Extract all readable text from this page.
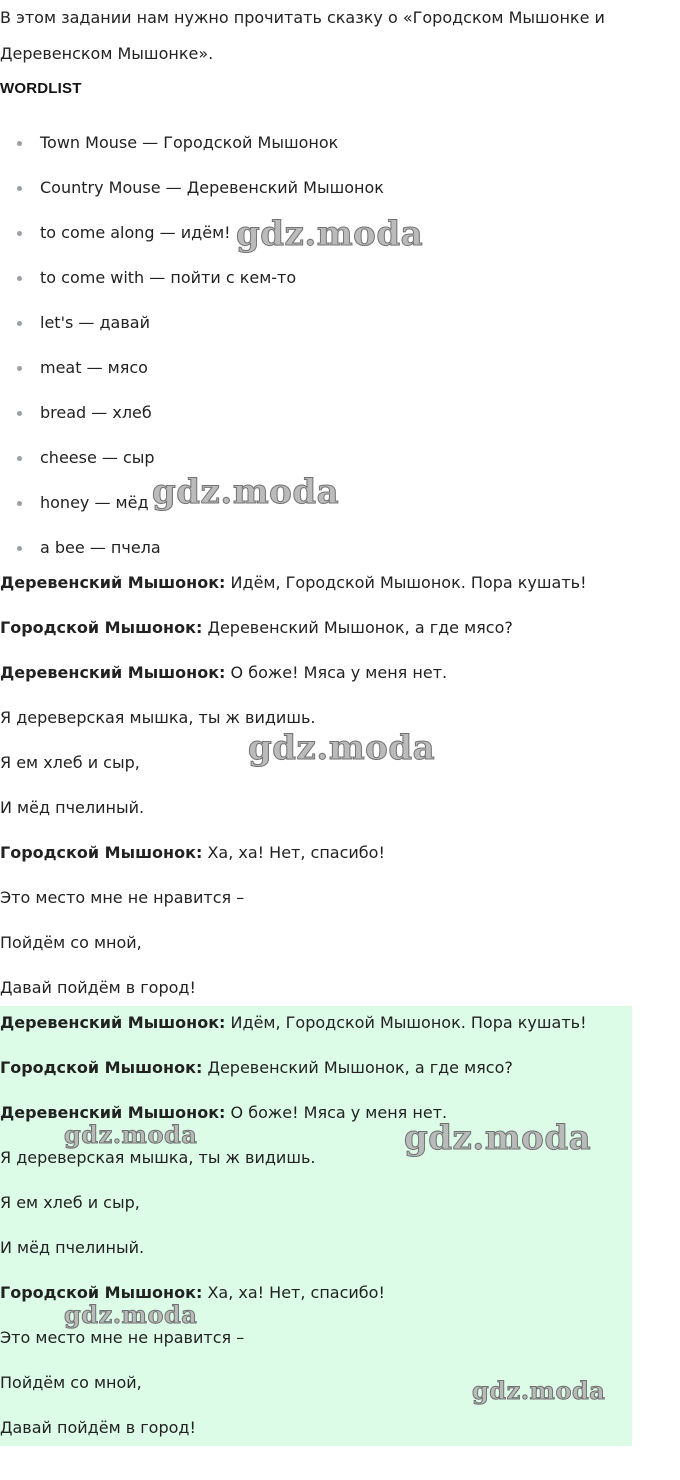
В этом задании нам нужно прочитать сказку о «Городском Мышонке и
Деревенском Мышонке».
WORDLIST
Town Mouse — Городской Мышонок
Country Mouse — Деревенский Мышонок
to come along — идём!
to come with — пойти с кем-то
let's — давай
meat — мясо
bread — хлеб
cheese — сыр
honey — мёд
a bee — пчела
Деревенский Мышонок: Идём, Городской Мышонок. Пора кушать!
Городской Мышонок: Деревенский Мышонок, а где мясо?
Деревенский Мышонок: О боже! Мяса у меня нет.
Я дереверская мышка, ты ж видишь.
Я ем хлеб и сыр,
И мёд пчелиный.
Городской Мышонок: Ха, ха! Нет, спасибо!
Это место мне не нравится –
Пойдём со мной,
Давай пойдём в город!
Деревенский Мышонок: Идём, Городской Мышонок. Пора кушать!
Городской Мышонок: Деревенский Мышонок, а где мясо?
Деревенский Мышонок: О боже! Мяса у меня нет.
Я дереверская мышка, ты ж видишь.
Я ем хлеб и сыр,
И мёд пчелиный.
Городской Мышонок: Ха, ха! Нет, спасибо!
Это место мне не нравится –
Пойдём со мной,
Давай пойдём в город!
gdz.moda
gdz.moda
gdz.moda
gdz.moda	gdz.moda
gdz.moda
gdz.moda
